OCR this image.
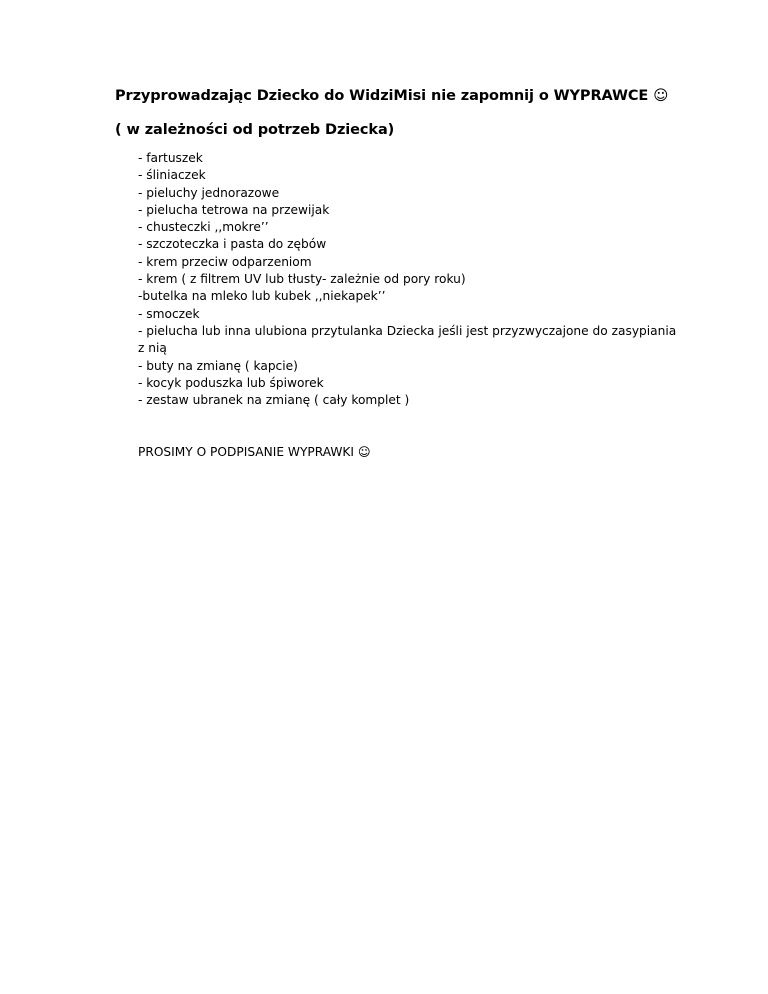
Przyprowadzając Dziecko do WidziMisi nie zapomnij o WYPRAWCE ☺
( w zależności od potrzeb Dziecka)
- fartuszek
- śliniaczek
- pieluchy jednorazowe
- pielucha tetrowa na przewijak
- chusteczki ,,mokre’’
- szczoteczka i pasta do zębów
- krem przeciw odparzeniom
- krem ( z filtrem UV lub tłusty- zależnie od pory roku)
-butelka na mleko lub kubek ,,niekapek’’
- smoczek
- pielucha lub inna ulubiona przytulanka Dziecka jeśli jest przyzwyczajone do zasypiania z nią
- buty na zmianę ( kapcie)
- kocyk poduszka lub śpiworek
- zestaw ubranek na zmianę ( cały komplet )
PROSIMY O PODPISANIE WYPRAWKI ☺
